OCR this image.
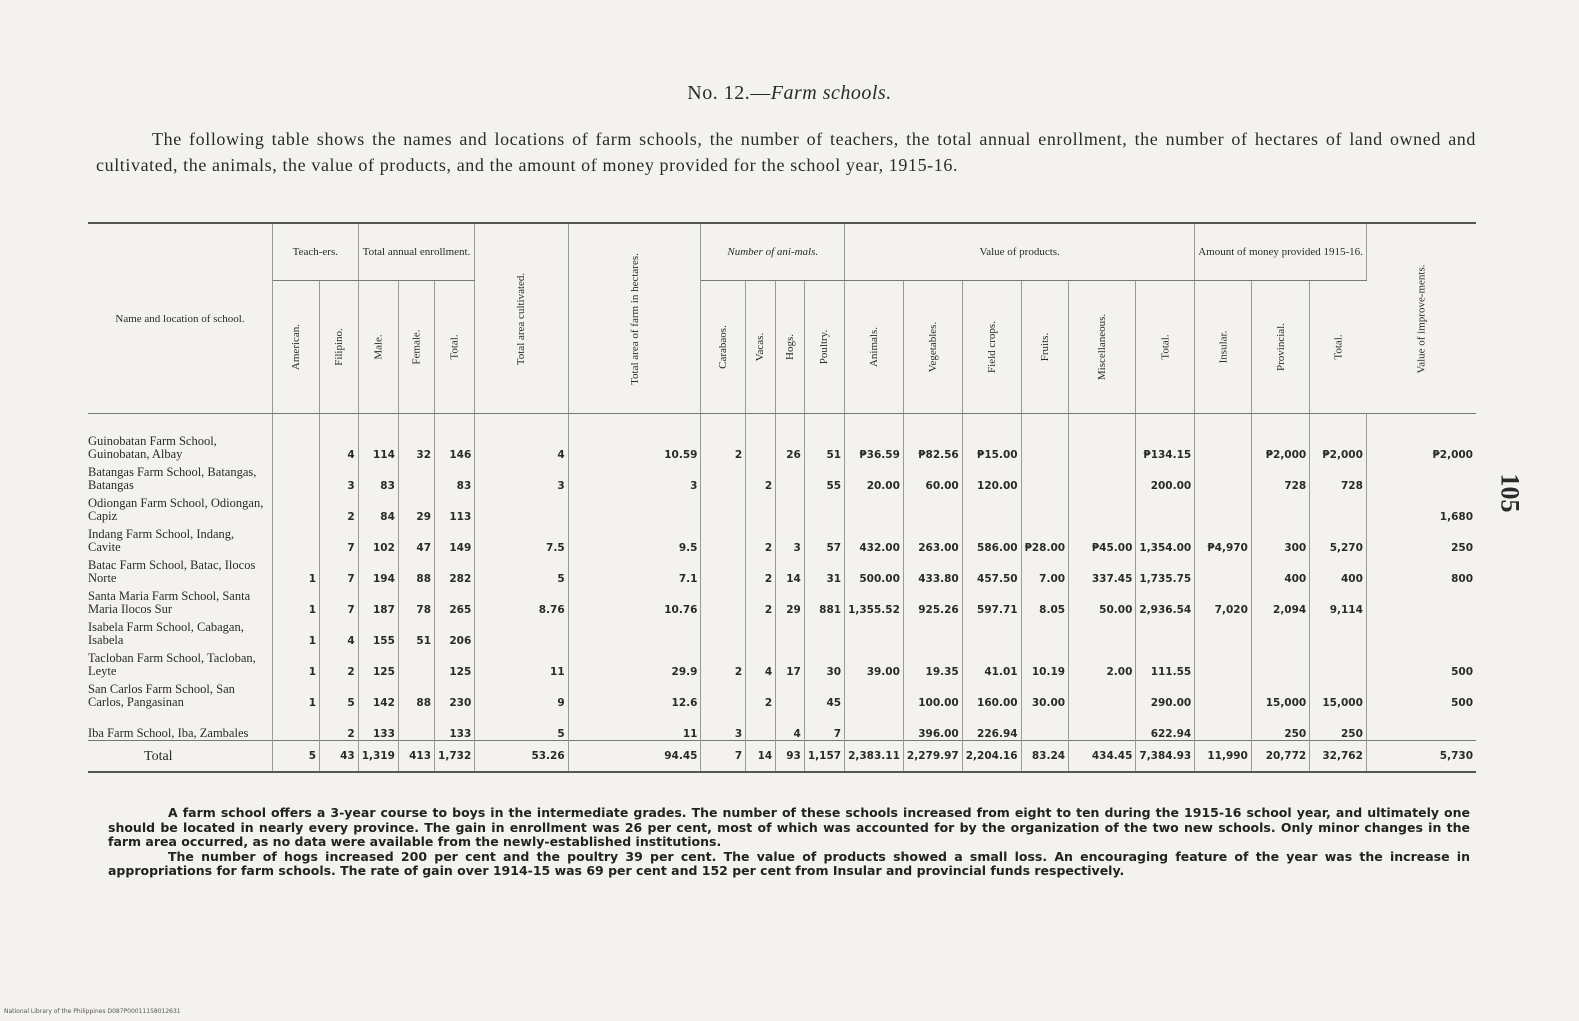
No. 12.—Farm schools.
The following table shows the names and locations of farm schools, the number of teachers, the total annual enrollment, the number of hectares of land owned and cultivated, the animals, the value of products, and the amount of money provided for the school year, 1915-16.
105
Name and location of school.	Teach-ers.		Total annual enrollment.			Total area cultivated.	Total area of farm in hectares.	Number of ani-mals.				Value of products.						Amount of money provided 1915-16.			Value of improve-ments.
	American.	Filipino.	Male.	Female.	Total.			Carabaos.	Vacas.	Hogs.	Poultry.	Animals.	Vegetables.	Field crops.	Fruits.	Miscellaneous.	Total.	Insular.	Provincial.	Total.	
Guinobatan Farm School, Guinobatan, Albay		4	114	32	146	4	10.59	2		26	51	₱36.59	₱82.56	₱15.00			₱134.15		₱2,000	₱2,000	₱2,000
Batangas Farm School, Batangas, Batangas		3	83		83	3	3		2		55	20.00	60.00	120.00			200.00		728	728	
Odiongan Farm School, Odiongan, Capiz		2	84	29	113																1,680
Indang Farm School, Indang, Cavite		7	102	47	149	7.5	9.5		2	3	57	432.00	263.00	586.00	₱28.00	₱45.00	1,354.00	₱4,970	300	5,270	250
Batac Farm School, Batac, Ilocos Norte	1	7	194	88	282	5	7.1		2	14	31	500.00	433.80	457.50	7.00	337.45	1,735.75		400	400	800
Santa Maria Farm School, Santa Maria Ilocos Sur	1	7	187	78	265	8.76	10.76		2	29	881	1,355.52	925.26	597.71	8.05	50.00	2,936.54	7,020	2,094	9,114	
Isabela Farm School, Cabagan, Isabela	1	4	155	51	206																
Tacloban Farm School, Tacloban, Leyte	1	2	125		125	11	29.9	2	4	17	30	39.00	19.35	41.01	10.19	2.00	111.55				500
San Carlos Farm School, San Carlos, Pangasinan	1	5	142	88	230	9	12.6		2		45		100.00	160.00	30.00		290.00		15,000	15,000	500
Iba Farm School, Iba, Zambales		2	133		133	5	11	3		4	7		396.00	226.94			622.94		250	250	
Total	5	43	1,319	413	1,732	53.26	94.45	7	14	93	1,157	2,383.11	2,279.97	2,204.16	83.24	434.45	7,384.93	11,990	20,772	32,762	5,730

A farm school offers a 3-year course to boys in the intermediate grades. The number of these schools increased from eight to ten during the 1915-16 school year, and ultimately one should be located in nearly every province. The gain in enrollment was 26 per cent, most of which was accounted for by the organization of the two new schools. Only minor changes in the farm area occurred, as no data were available from the newly-established institutions.

The number of hogs increased 200 per cent and the poultry 39 per cent. The value of products showed a small loss. An encouraging feature of the year was the increase in appropriations for farm schools. The rate of gain over 1914-15 was 69 per cent and 152 per cent from Insular and provincial funds respectively.

National Library of the Philippines D087P00011158012631
